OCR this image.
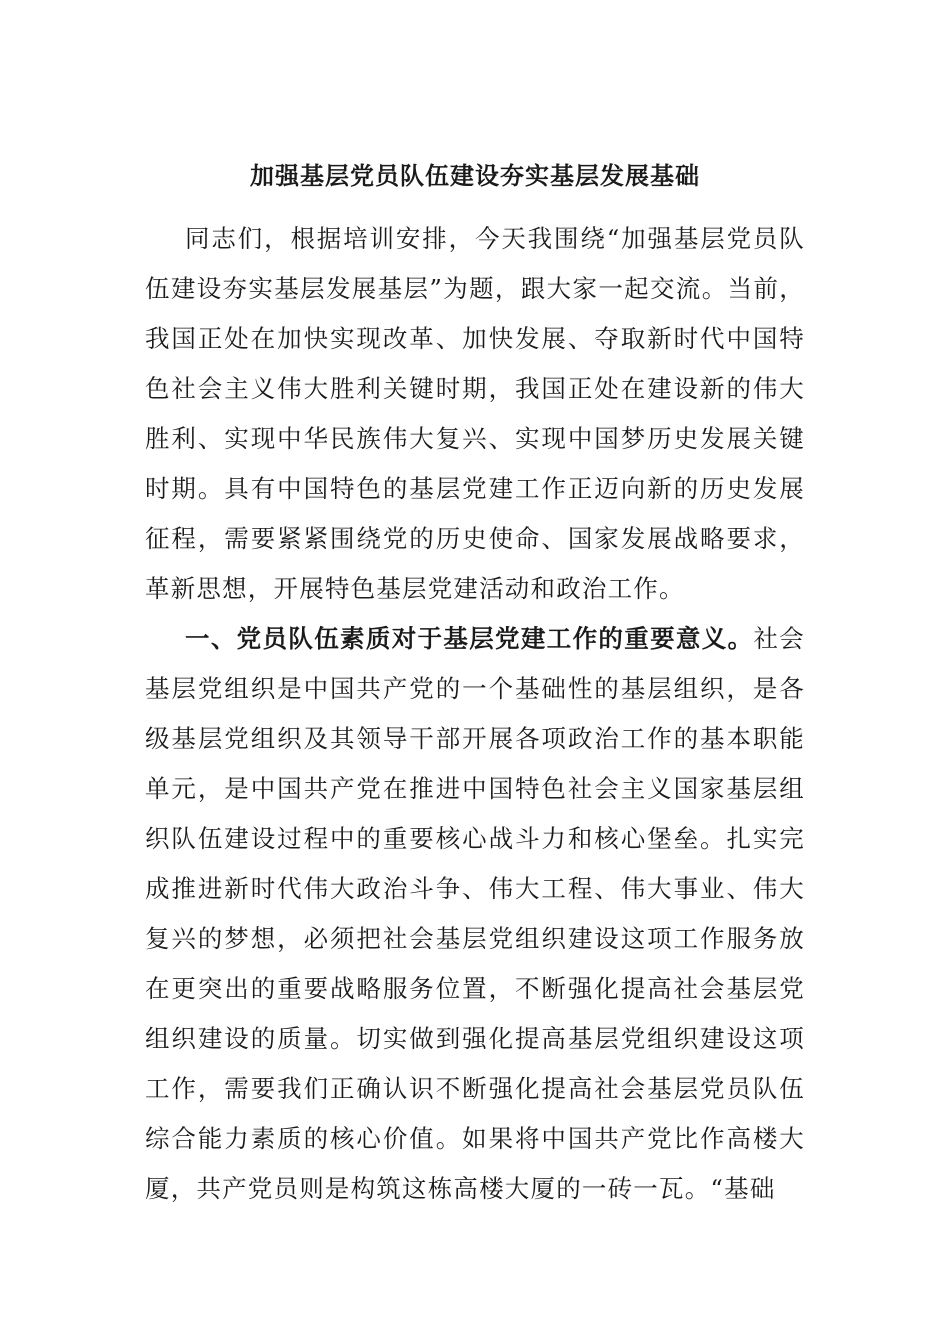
加强基层党员队伍建设夯实基层发展基础

同志们，根据培训安排，今天我围绕“加强基层党员队伍建设夯实基层发展基层”为题，跟大家一起交流。当前，我国正处在加快实现改革、加快发展、夺取新时代中国特色社会主义伟大胜利关键时期，我国正处在建设新的伟大胜利、实现中华民族伟大复兴、实现中国梦历史发展关键时期。具有中国特色的基层党建工作正迈向新的历史发展征程，需要紧紧围绕党的历史使命、国家发展战略要求，革新思想，开展特色基层党建活动和政治工作。

一、党员队伍素质对于基层党建工作的重要意义。社会基层党组织是中国共产党的一个基础性的基层组织，是各级基层党组织及其领导干部开展各项政治工作的基本职能单元，是中国共产党在推进中国特色社会主义国家基层组织队伍建设过程中的重要核心战斗力和核心堡垒。扎实完成推进新时代伟大政治斗争、伟大工程、伟大事业、伟大复兴的梦想，必须把社会基层党组织建设这项工作服务放在更突出的重要战略服务位置，不断强化提高社会基层党组织建设的质量。切实做到强化提高基层党组织建设这项工作，需要我们正确认识不断强化提高社会基层党员队伍综合能力素质的核心价值。如果将中国共产党比作高楼大厦，共产党员则是构筑这栋高楼大厦的一砖一瓦。“基础
